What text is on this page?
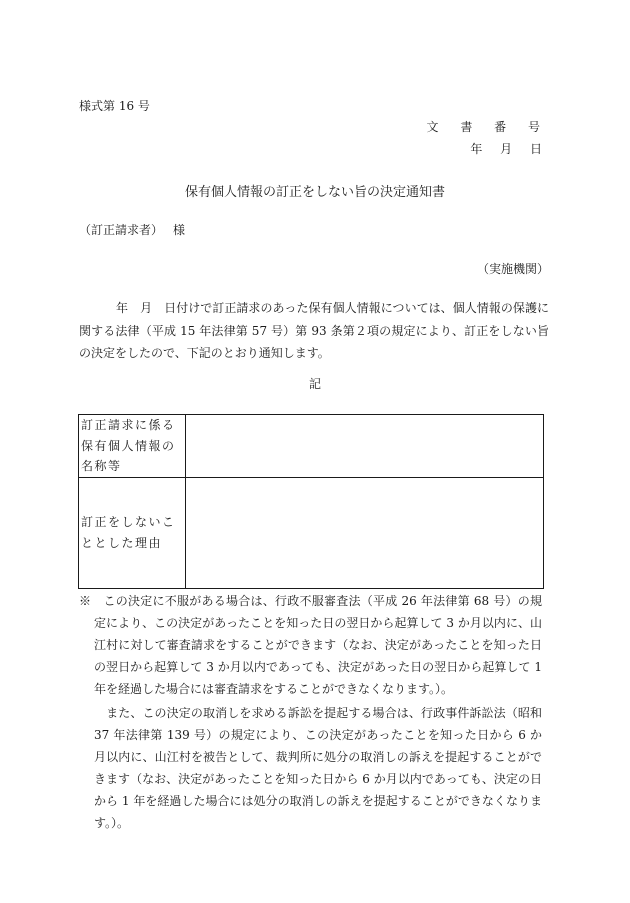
様式第 16 号
文 書 番 号
年 月 日
保有個人情報の訂正をしない旨の決定通知書
（訂正請求者） 様
（実施機関）

年　月　日付けで訂正請求のあった保有個人情報については、個人情報の保護に関する法律（平成 15 年法律第 57 号）第 93 条第２項の規定により、訂正をしない旨の決定をしたので、下記のとおり通知します。

記
訂正請求に係る保有個人情報の名称等	
訂正をしないこととした理由	

※　この決定に不服がある場合は、行政不服審査法（平成 26 年法律第 68 号）の規定により、この決定があったことを知った日の翌日から起算して 3 か月以内に、山江村に対して審査請求をすることができます（なお、決定があったことを知った日の翌日から起算して 3 か月以内であっても、決定があった日の翌日から起算して 1 年を経過した場合には審査請求をすることができなくなります。）。

また、この決定の取消しを求める訴訟を提起する場合は、行政事件訴訟法（昭和 37 年法律第 139 号）の規定により、この決定があったことを知った日から 6 か月以内に、山江村を被告として、裁判所に処分の取消しの訴えを提起することができます（なお、決定があったことを知った日から 6 か月以内であっても、決定の日から 1 年を経過した場合には処分の取消しの訴えを提起することができなくなります。）。
